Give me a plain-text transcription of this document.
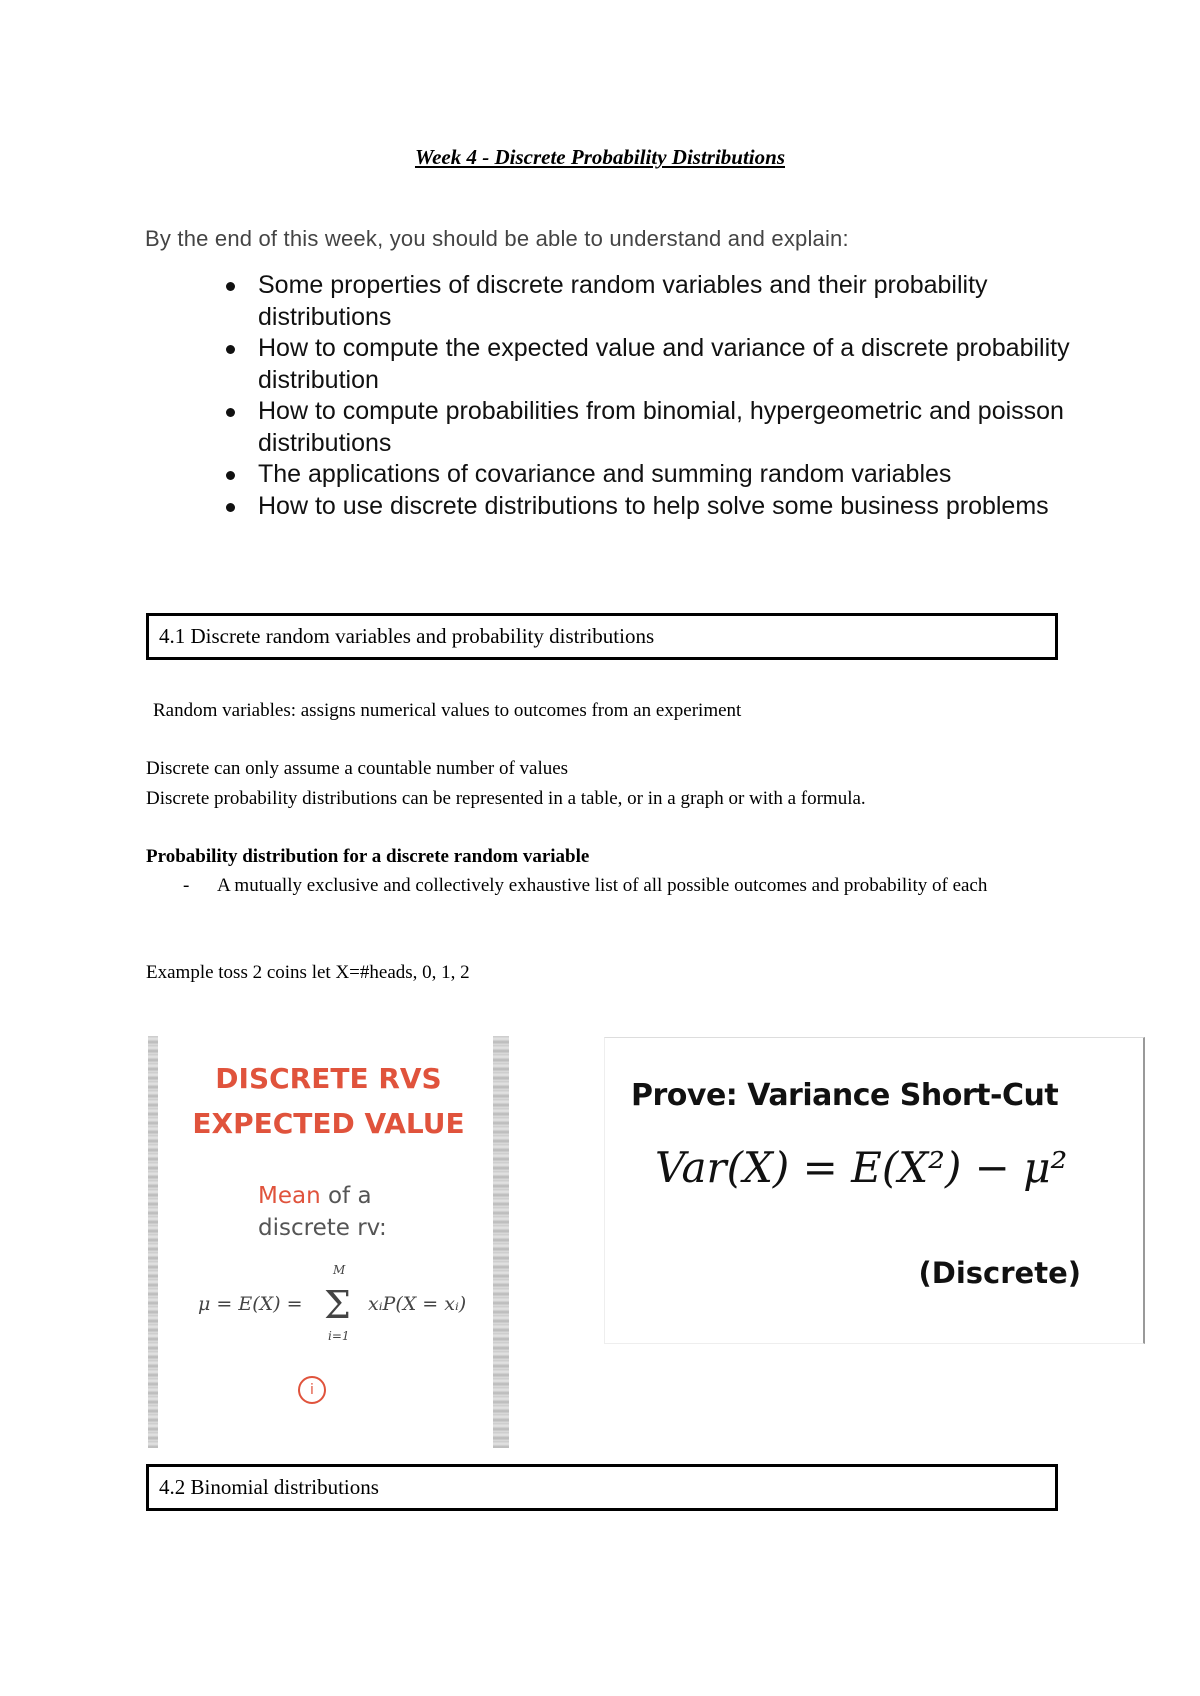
Week 4 - Discrete Probability Distributions
By the end of this week, you should be able to understand and explain:
Some properties of discrete random variables and their probability distributions
How to compute the expected value and variance of a discrete probability distribution
How to compute probabilities from binomial, hypergeometric and poisson distributions
The applications of covariance and summing random variables
How to use discrete distributions to help solve some business problems
4.1 Discrete random variables and probability distributions
Random variables: assigns numerical values to outcomes from an experiment
Discrete can only assume a countable number of values
Discrete probability distributions can be represented in a table, or in a graph or with a formula.
Probability distribution for a discrete random variable
-	A mutually exclusive and collectively exhaustive list of all possible outcomes and probability of each
Example toss 2 coins let X=#heads, 0, 1, 2
DISCRETE RVS
EXPECTED VALUE
Mean of a
discrete rv:
μ = E(X) =
M
Σ
i=1
xᵢP(X = xᵢ)
i
Prove: Variance Short-Cut
Var(X) = E(X²) − μ²
(Discrete)
4.2 Binomial distributions
